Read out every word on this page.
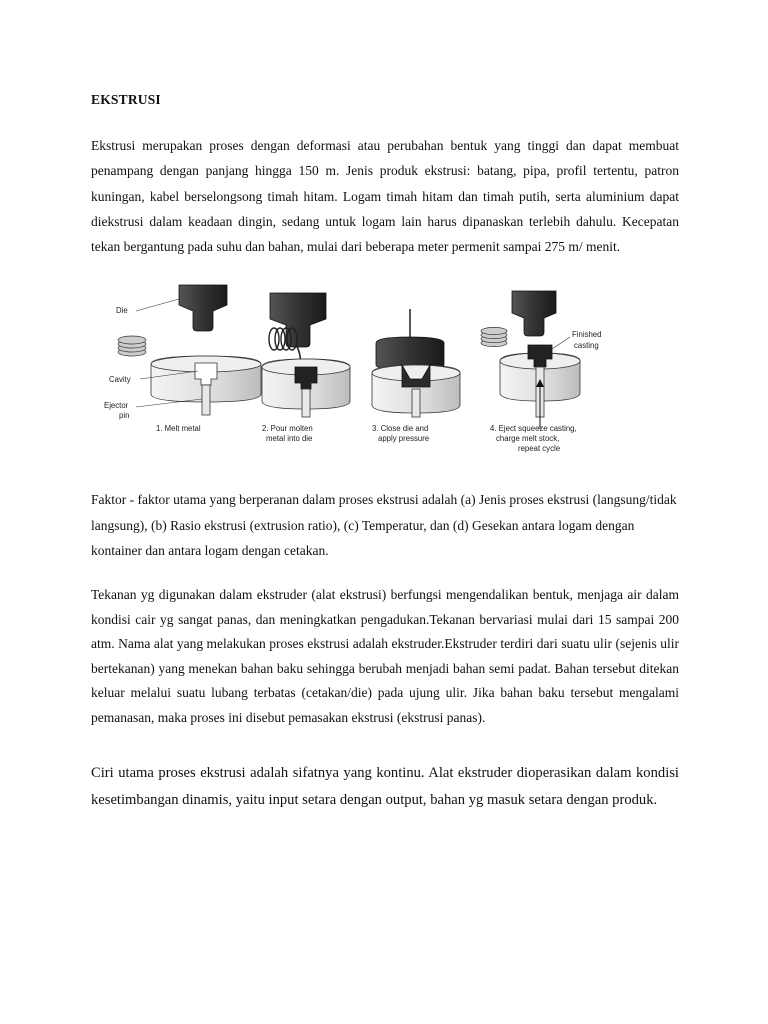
EKSTRUSI

Ekstrusi merupakan proses dengan deformasi atau perubahan bentuk yang tinggi dan dapat membuat penampang dengan panjang hingga 150 m. Jenis produk ekstrusi: batang, pipa, profil tertentu, patron kuningan, kabel berselongsong timah hitam. Logam timah hitam dan timah putih, serta aluminium dapat diekstrusi dalam keadaan dingin, sedang untuk logam lain harus dipanaskan terlebih dahulu. Kecepatan tekan bergantung pada suhu dan bahan, mulai dari beberapa meter permenit sampai 275 m/ menit.

Die
Cavity
Ejector
pin
Finished
casting
1. Melt metal	2. Pour molten
metal into die
3. Close die and
apply pressure
4. Eject squeeze casting,
charge melt stock,
repeat cycle

Faktor - faktor utama yang berperanan dalam proses ekstrusi adalah (a) Jenis proses ekstrusi (langsung/tidak langsung), (b) Rasio ekstrusi (extrusion ratio), (c) Temperatur, dan (d) Gesekan antara logam dengan kontainer dan antara logam dengan cetakan.

Tekanan yg digunakan dalam ekstruder (alat ekstrusi) berfungsi mengendalikan bentuk, menjaga air dalam kondisi cair yg sangat panas, dan meningkatkan pengadukan.Tekanan bervariasi mulai dari 15 sampai 200 atm. Nama alat yang melakukan proses ekstrusi adalah ekstruder.Ekstruder terdiri dari suatu ulir (sejenis ulir bertekanan) yang menekan bahan baku sehingga berubah menjadi bahan semi padat. Bahan tersebut ditekan keluar melalui suatu lubang terbatas (cetakan/die) pada ujung ulir. Jika bahan baku tersebut mengalami pemanasan, maka proses ini disebut pemasakan ekstrusi (ekstrusi panas).

Ciri utama proses ekstrusi adalah sifatnya yang kontinu. Alat ekstruder dioperasikan dalam kondisi kesetimbangan dinamis, yaitu input setara dengan output, bahan yg masuk setara dengan produk.
